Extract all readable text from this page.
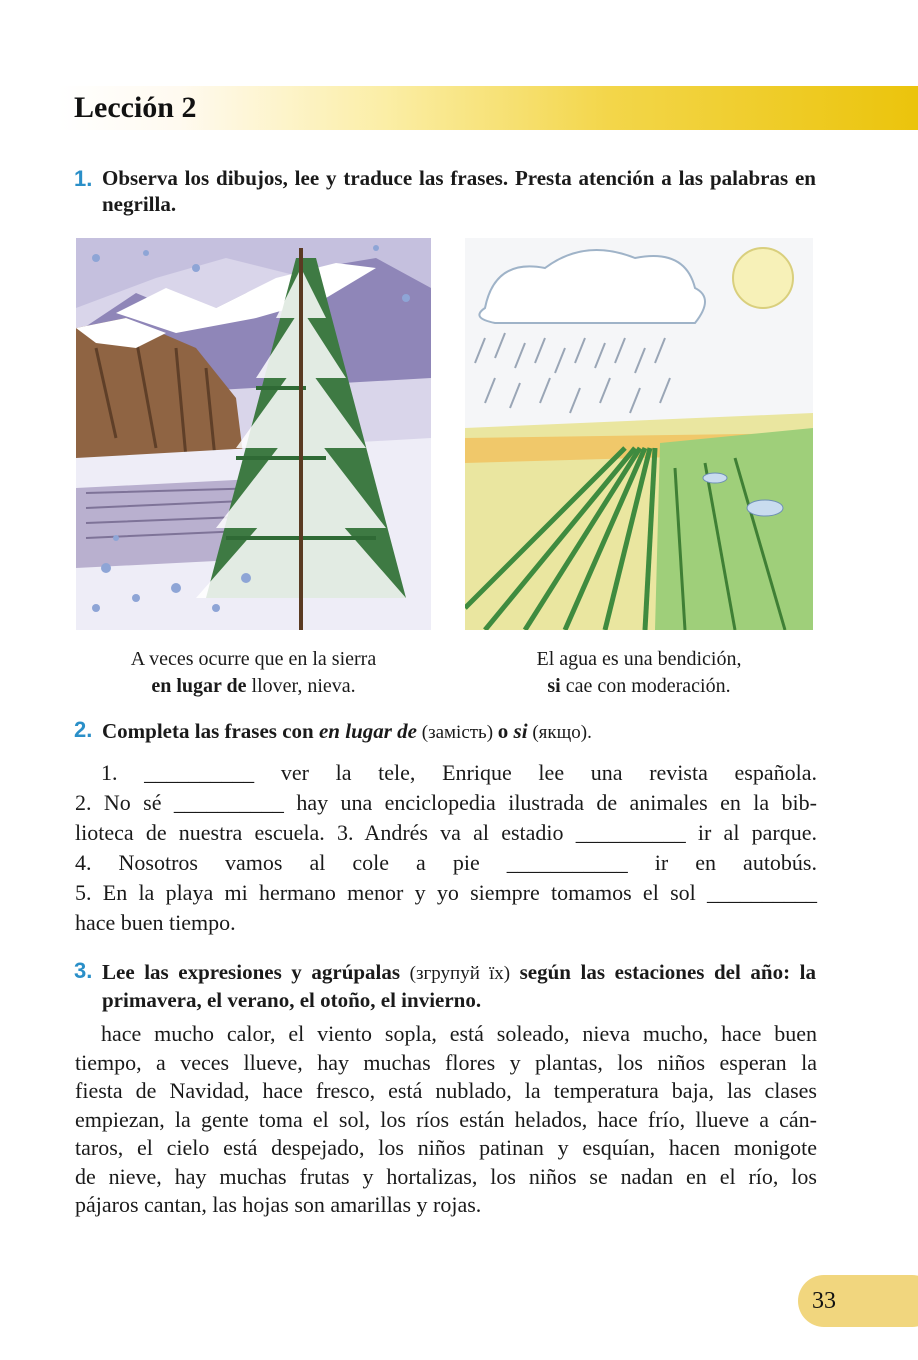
Lección 2
1. Observa los dibujos, lee y traduce las frases. Presta atención a las palabras en negrilla.
A veces ocurre que en la sierra
en lugar de llover, nieva.
El agua es una bendición,
si cae con moderación.
2. Completa las frases con en lugar de (замість) o si (якщо).
1. __________ ver la tele, Enrique lee una revista española.
2. No sé __________ hay una enciclopedia ilustrada de animales en la bib-
lioteca de nuestra escuela. 3. Andrés va al estadio __________ ir al parque.
4. Nosotros vamos al cole a pie ___________ ir en autobús.
5. En la playa mi hermano menor y yo siempre tomamos el sol __________
hace buen tiempo.
3. Lee las expresiones y agrúpalas (згрупуй їх) según las estaciones del año: la primavera, el verano, el otoño, el invierno.
hace mucho calor, el viento sopla, está soleado, nieva mucho, hace buen
tiempo, a veces llueve, hay muchas flores y plantas, los niños esperan la
fiesta de Navidad, hace fresco, está nublado, la temperatura baja, las clases
empiezan, la gente toma el sol, los ríos están helados, hace frío, llueve a cán-
taros, el cielo está despejado, los niños patinan y esquían, hacen monigote
de nieve, hay muchas frutas y hortalizas, los niños se nadan en el río, los
pájaros cantan, las hojas son amarillas y rojas.
33
